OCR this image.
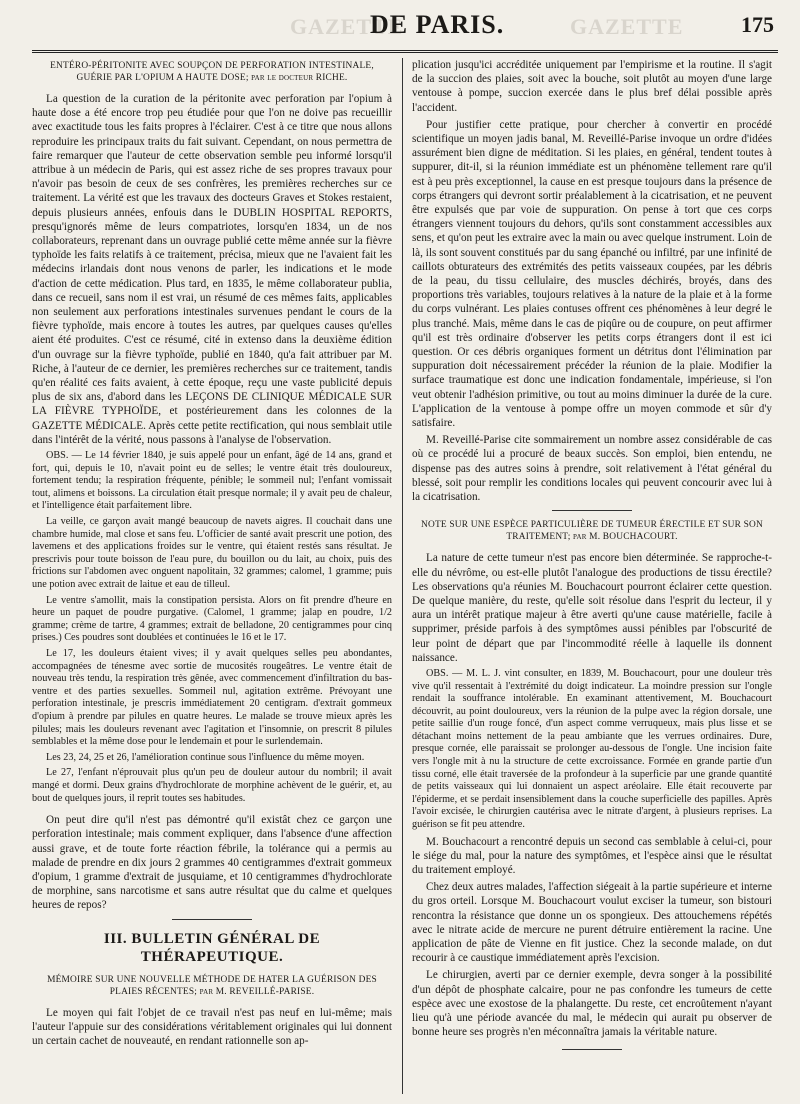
GAZETTE
DE PARIS.	GAZETTE	175

ENTÉRO-PÉRITONITE AVEC SOUPÇON DE PERFORATION INTESTINALE, GUÉRIE PAR L'OPIUM A HAUTE DOSE; par le docteur RICHE.

La question de la curation de la péritonite avec perforation par l'opium à haute dose a été encore trop peu étudiée pour que l'on ne doive pas recueillir avec exactitude tous les faits propres à l'éclairer. C'est à ce titre que nous allons reproduire les principaux traits du fait suivant. Cependant, on nous permettra de faire remarquer que l'auteur de cette observation semble peu informé lorsqu'il attribue à un médecin de Paris, qui est assez riche de ses propres travaux pour n'avoir pas besoin de ceux de ses confrères, les premières recherches sur ce traitement. La vérité est que les travaux des docteurs Graves et Stokes restaient, depuis plusieurs années, enfouis dans le DUBLIN HOSPITAL REPORTS, presqu'ignorés même de leurs compatriotes, lorsqu'en 1834, un de nos collaborateurs, reprenant dans un ouvrage publié cette même année sur la fièvre typhoïde les faits relatifs à ce traitement, précisa, mieux que ne l'avaient fait les médecins irlandais dont nous venons de parler, les indications et le mode d'action de cette médication. Plus tard, en 1835, le même collaborateur publia, dans ce recueil, sans nom il est vrai, un résumé de ces mêmes faits, applicables non seulement aux perforations intestinales survenues pendant le cours de la fièvre typhoïde, mais encore à toutes les autres, par quelques causes qu'elles aient été produites. C'est ce résumé, cité in extenso dans la deuxième édition d'un ouvrage sur la fièvre typhoïde, publié en 1840, qu'a fait attribuer par M. Riche, à l'auteur de ce dernier, les premières recherches sur ce traitement, tandis qu'en réalité ces faits avaient, à cette époque, reçu une vaste publicité depuis plus de six ans, d'abord dans les LEÇONS DE CLINIQUE MÉDICALE SUR LA FIÈVRE TYPHOÏDE, et postérieurement dans les colonnes de la GAZETTE MÉDICALE. Après cette petite rectification, qui nous semblait utile dans l'intérêt de la vérité, nous passons à l'analyse de l'observation.

OBS. — Le 14 février 1840, je suis appelé pour un enfant, âgé de 14 ans, grand et fort, qui, depuis le 10, n'avait point eu de selles; le ventre était très douloureux, fortement tendu; la respiration fréquente, pénible; le sommeil nul; l'enfant vomissait tout, alimens et boissons. La circulation était presque normale; il y avait peu de chaleur, et l'intelligence était parfaitement libre.

La veille, ce garçon avait mangé beaucoup de navets aigres. Il couchait dans une chambre humide, mal close et sans feu. L'officier de santé avait prescrit une potion, des lavemens et des applications froides sur le ventre, qui étaient restés sans résultat. Je prescrivis pour toute boisson de l'eau pure, du bouillon ou du lait, au choix, puis des frictions sur l'abdomen avec onguent napolitain, 32 grammes; calomel, 1 gramme; puis une potion avec extrait de laitue et eau de tilleul.

Le ventre s'amollit, mais la constipation persista. Alors on fit prendre d'heure en heure un paquet de poudre purgative. (Calomel, 1 gramme; jalap en poudre, 1/2 gramme; crème de tartre, 4 grammes; extrait de belladone, 20 centigrammes pour cinq prises.) Ces poudres sont doublées et continuées le 16 et le 17.

Le 17, les douleurs étaient vives; il y avait quelques selles peu abondantes, accompagnées de ténesme avec sortie de mucosités rougeâtres. Le ventre était de nouveau très tendu, la respiration très gênée, avec commencement d'infiltration du bas-ventre et des parties sexuelles. Sommeil nul, agitation extrême. Prévoyant une perforation intestinale, je prescris immédiatement 20 centigram. d'extrait gommeux d'opium à prendre par pilules en quatre heures. Le malade se trouve mieux après les pilules; mais les douleurs revenant avec l'agitation et l'insomnie, on prescrit 8 pilules semblables et la même dose pour le lendemain et pour le surlendemain.

Les 23, 24, 25 et 26, l'amélioration continue sous l'influence du même moyen.

Le 27, l'enfant n'éprouvait plus qu'un peu de douleur autour du nombril; il avait mangé et dormi. Deux grains d'hydrochlorate de morphine achèvent de le guérir, et, au bout de quelques jours, il reprit toutes ses habitudes.

On peut dire qu'il n'est pas démontré qu'il existât chez ce garçon une perforation intestinale; mais comment expliquer, dans l'absence d'une affection aussi grave, et de toute forte réaction fébrile, la tolérance qui a permis au malade de prendre en dix jours 2 grammes 40 centigrammes d'extrait gommeux d'opium, 1 gramme d'extrait de jusquiame, et 10 centigrammes d'hydrochlorate de morphine, sans narcotisme et sans autre résultat que du calme et quelques heures de repos?

III. BULLETIN GÉNÉRAL DE THÉRAPEUTIQUE.

MÉMOIRE SUR UNE NOUVELLE MÉTHODE DE HATER LA GUÉRISON DES PLAIES RÉCENTES; par M. REVEILLÉ-PARISE.

Le moyen qui fait l'objet de ce travail n'est pas neuf en lui-même; mais l'auteur l'appuie sur des considérations véritablement originales qui lui donnent un certain cachet de nouveauté, en rendant rationnelle son ap-

plication jusqu'ici accréditée uniquement par l'empirisme et la routine. Il s'agit de la succion des plaies, soit avec la bouche, soit plutôt au moyen d'une large ventouse à pompe, succion exercée dans le plus bref délai possible après l'accident.

Pour justifier cette pratique, pour chercher à convertir en procédé scientifique un moyen jadis banal, M. Reveillé-Parise invoque un ordre d'idées assurément bien digne de méditation. Si les plaies, en général, tendent toutes à suppurer, dit-il, si la réunion immédiate est un phénomène tellement rare qu'il est à peu près exceptionnel, la cause en est presque toujours dans la présence de corps étrangers qui devront sortir préalablement à la cicatrisation, et ne peuvent être expulsés que par voie de suppuration. On pense à tort que ces corps étrangers viennent toujours du dehors, qu'ils sont constamment accessibles aux sens, et qu'on peut les extraire avec la main ou avec quelque instrument. Loin de là, ils sont souvent constitués par du sang épanché ou infiltré, par une infinité de caillots obturateurs des extrémités des petits vaisseaux coupées, par les débris de la peau, du tissu cellulaire, des muscles déchirés, broyés, dans des proportions très variables, toujours relatives à la nature de la plaie et à la forme du corps vulnérant. Les plaies contuses offrent ces phénomènes à leur degré le plus tranché. Mais, même dans le cas de piqûre ou de coupure, on peut affirmer qu'il est très ordinaire d'observer les petits corps étrangers dont il est ici question. Or ces débris organiques forment un détritus dont l'élimination par suppuration doit nécessairement précéder la réunion de la plaie. Modifier la surface traumatique est donc une indication fondamentale, impérieuse, si l'on veut obtenir l'adhésion primitive, ou tout au moins diminuer la durée de la cure. L'application de la ventouse à pompe offre un moyen commode et sûr d'y satisfaire.

M. Reveillé-Parise cite sommairement un nombre assez considérable de cas où ce procédé lui a procuré de beaux succès. Son emploi, bien entendu, ne dispense pas des autres soins à prendre, soit relativement à l'état général du blessé, soit pour remplir les conditions locales qui peuvent concourir avec lui à la cicatrisation.

NOTE SUR UNE ESPÈCE PARTICULIÈRE DE TUMEUR ÉRECTILE ET SUR SON TRAITEMENT; par M. BOUCHACOURT.

La nature de cette tumeur n'est pas encore bien déterminée. Se rapproche-t-elle du névrôme, ou est-elle plutôt l'analogue des productions de tissu érectile? Les observations qu'a réunies M. Bouchacourt pourront éclairer cette question. De quelque manière, du reste, qu'elle soit résolue dans l'esprit du lecteur, il y aura un intérêt pratique majeur à être averti qu'une cause matérielle, facile à supprimer, préside parfois à des symptômes aussi pénibles par l'obscurité de leur point de départ que par l'incommodité réelle à laquelle ils donnent naissance.

OBS. — M. L. J. vint consulter, en 1839, M. Bouchacourt, pour une douleur très vive qu'il ressentait à l'extrémité du doigt indicateur. La moindre pression sur l'ongle rendait la souffrance intolérable. En examinant attentivement, M. Bouchacourt découvrit, au point douloureux, vers la réunion de la pulpe avec la région dorsale, une petite saillie d'un rouge foncé, d'un aspect comme verruqueux, mais plus lisse et se détachant moins nettement de la peau ambiante que les verrues ordinaires. Dure, presque cornée, elle paraissait se prolonger au-dessous de l'ongle. Une incision faite vers l'ongle mit à nu la structure de cette excroissance. Formée en grande partie d'un tissu corné, elle était traversée de la profondeur à la superficie par une grande quantité de petits vaisseaux qui lui donnaient un aspect aréolaire. Elle était recouverte par l'épiderme, et se perdait insensiblement dans la couche superficielle des papilles. Après l'avoir excisée, le chirurgien cautérisa avec le nitrate d'argent, à plusieurs reprises. La guérison se fit peu attendre.

M. Bouchacourt a rencontré depuis un second cas semblable à celui-ci, pour le siége du mal, pour la nature des symptômes, et l'espèce ainsi que le résultat du traitement employé.

Chez deux autres malades, l'affection siégeait à la partie supérieure et interne du gros orteil. Lorsque M. Bouchacourt voulut exciser la tumeur, son bistouri rencontra la résistance que donne un os spongieux. Des attouchemens répétés avec le nitrate acide de mercure ne purent détruire entièrement la racine. Une application de pâte de Vienne en fit justice. Chez la seconde malade, on dut recourir à ce caustique immédiatement après l'excision.

Le chirurgien, averti par ce dernier exemple, devra songer à la possibilité d'un dépôt de phosphate calcaire, pour ne pas confondre les tumeurs de cette espèce avec une exostose de la phalangette. Du reste, cet encroûtement n'ayant lieu qu'à une période avancée du mal, le médecin qui aurait pu observer de bonne heure ses progrès n'en méconnaîtra jamais la véritable nature.
